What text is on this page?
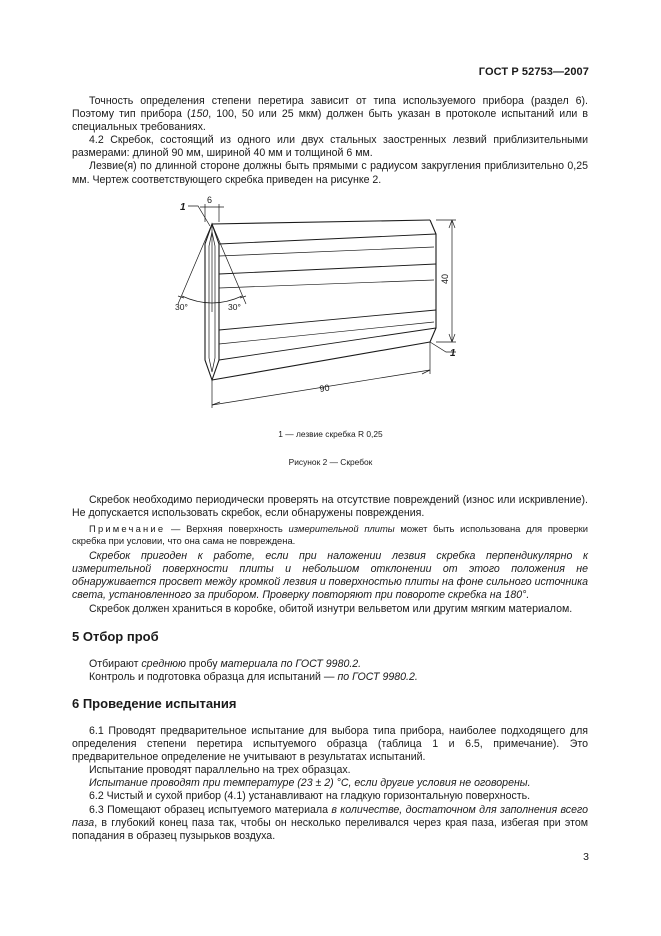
ГОСТ Р 52753—2007

Точность определения степени перетира зависит от типа используемого прибора (раздел 6). Поэтому тип прибора (150, 100, 50 или 25 мкм) должен быть указан в протоколе испытаний или в специальных требованиях.

4.2 Скребок, состоящий из одного или двух стальных заостренных лезвий приблизительными размерами: длиной 90 мм, шириной 40 мм и толщиной 6 мм.

Лезвие(я) по длинной стороне должны быть прямыми с радиусом закругления приблизительно 0,25 мм. Чертеж соответствующего скребка приведен на рисунке 2.

1
6
30°	30°
40
1
90
1 — лезвие скребка R 0,25
Рисунок 2 — Скребок

Скребок необходимо периодически проверять на отсутствие повреждений (износ или искривление). Не допускается использовать скребок, если обнаружены повреждения.

Примечание — Верхняя поверхность измерительной плиты может быть использована для проверки скребка при условии, что она сама не повреждена.

Скребок пригоден к работе, если при наложении лезвия скребка перпендикулярно к измерительной поверхности плиты и небольшом отклонении от этого положения не обнаруживается просвет между кромкой лезвия и поверхностью плиты на фоне сильного источника света, установленного за прибором. Проверку повторяют при повороте скребка на 180°.

Скребок должен храниться в коробке, обитой изнутри вельветом или другим мягким материалом.

5 Отбор проб

Отбирают среднюю пробу материала по ГОСТ 9980.2.

Контроль и подготовка образца для испытаний — по ГОСТ 9980.2.

6 Проведение испытания

6.1 Проводят предварительное испытание для выбора типа прибора, наиболее подходящего для определения степени перетира испытуемого образца (таблица 1 и 6.5, примечание). Это предварительное определение не учитывают в результатах испытаний.

Испытание проводят параллельно на трех образцах.

Испытание проводят при температуре (23 ± 2) °С, если другие условия не оговорены.

6.2 Чистый и сухой прибор (4.1) устанавливают на гладкую горизонтальную поверхность.

6.3 Помещают образец испытуемого материала в количестве, достаточном для заполнения всего паза, в глубокий конец паза так, чтобы он несколько переливался через края паза, избегая при этом попадания в образец пузырьков воздуха.

3
